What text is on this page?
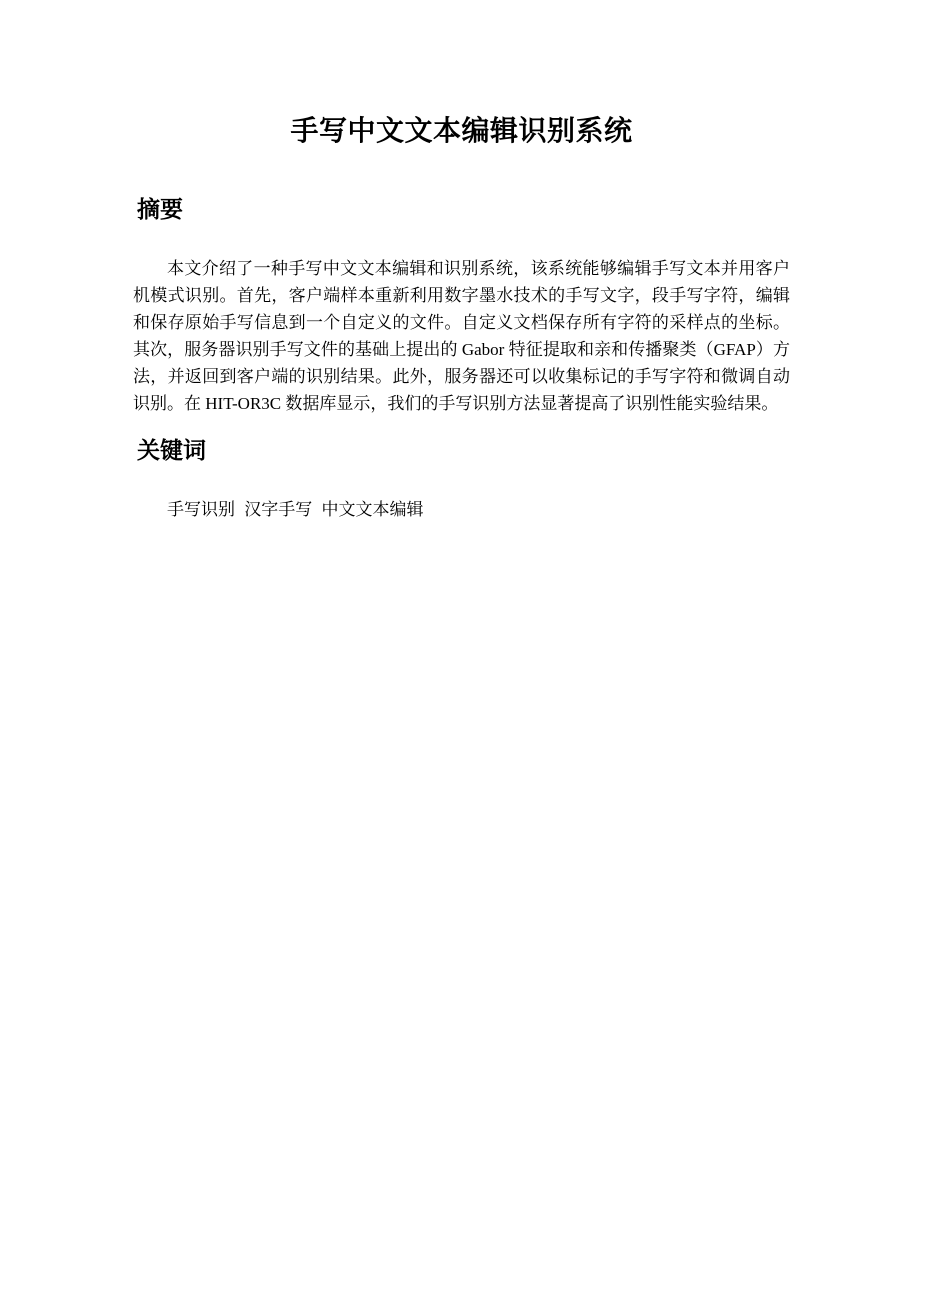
手写中文文本编辑识别系统
摘要

本文介绍了一种手写中文文本编辑和识别系统，该系统能够编辑手写文本并用客户机模式识别。首先，客户端样本重新利用数字墨水技术的手写文字，段手写字符，编辑和保存原始手写信息到一个自定义的文件。自定义文档保存所有字符的采样点的坐标。其次，服务器识别手写文件的基础上提出的 Gabor 特征提取和亲和传播聚类（GFAP）方法，并返回到客户端的识别结果。此外，服务器还可以收集标记的手写字符和微调自动识别。在 HIT-OR3C 数据库显示，我们的手写识别方法显著提高了识别性能实验结果。

关键词

手写识别 汉字手写 中文文本编辑
